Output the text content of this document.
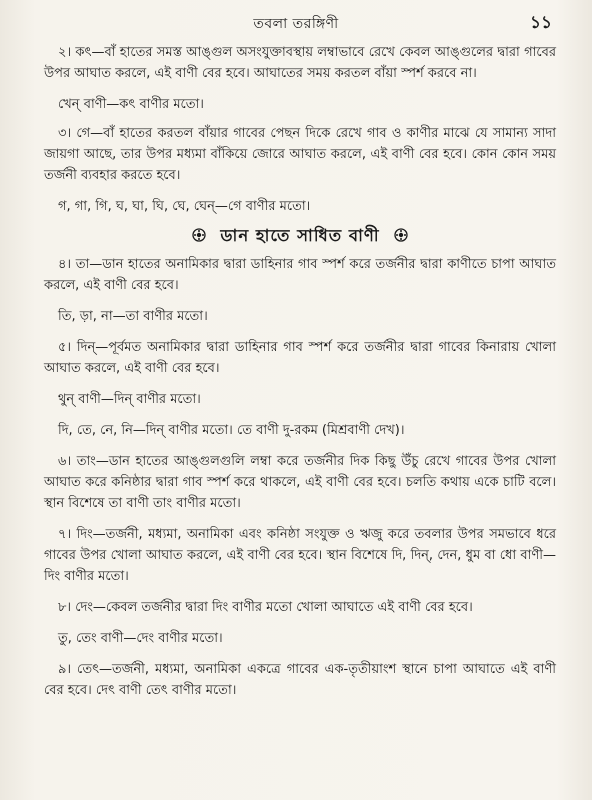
তবলা তরঙ্গিণী	১১

২। কৎ—বাঁ হাতের সমস্ত আঙ্গুল অসংযুক্তাবস্থায় লম্বাভাবে রেখে কেবল আঙ্গুলের দ্বারা গাবের উপর আঘাত করলে, এই বাণী বের হবে। আঘাতের সময় করতল বাঁয়া স্পর্শ করবে না।

খেন্ বাণী—কৎ বাণীর মতো।

৩। গে—বাঁ হাতের করতল বাঁয়ার গাবের পেছন দিকে রেখে গাব ও কাণীর মাঝে যে সামান্য সাদা জায়গা আছে, তার উপর মধ্যমা বাঁকিয়ে জোরে আঘাত করলে, এই বাণী বের হবে। কোন কোন সময় তর্জনী ব্যবহার করতে হবে।

গ, গা, গি, ঘ, ঘা, ঘি, ঘে, ঘেন্—গে বাণীর মতো।

ডান হাতে সাধিত বাণী

৪। তা—ডান হাতের অনামিকার দ্বারা ডাহিনার গাব স্পর্শ করে তর্জনীর দ্বারা কাণীতে চাপা আঘাত করলে, এই বাণী বের হবে।

তি, ড়া, না—তা বাণীর মতো।

৫। দিন্—পূর্বমত অনামিকার দ্বারা ডাহিনার গাব স্পর্শ করে তর্জনীর দ্বারা গাবের কিনারায় খোলা আঘাত করলে, এই বাণী বের হবে।

থুন্ বাণী—দিন্ বাণীর মতো।

দি, তে, নে, নি—দিন্ বাণীর মতো। তে বাণী দু-রকম (মিশ্রবাণী দেখ)।

৬। তাং—ডান হাতের আঙ্গুলগুলি লম্বা করে তর্জনীর দিক কিছু উঁচু রেখে গাবের উপর খোলা আঘাত করে কনিষ্ঠার দ্বারা গাব স্পর্শ করে থাকলে, এই বাণী বের হবে। চলতি কথায় একে চাটি বলে। স্থান বিশেষে তা বাণী তাং বাণীর মতো।

৭। দিং—তর্জনী, মধ্যমা, অনামিকা এবং কনিষ্ঠা সংযুক্ত ও ঋজু করে তবলার উপর সমভাবে ধরে গাবের উপর খোলা আঘাত করলে, এই বাণী বের হবে। স্থান বিশেষে দি, দিন্, দেন, ধুম বা ধো বাণী—দিং বাণীর মতো।

৮। দেং—কেবল তর্জনীর দ্বারা দিং বাণীর মতো খোলা আঘাতে এই বাণী বের হবে।

তু, তেং বাণী—দেং বাণীর মতো।

৯। তেৎ—তর্জনী, মধ্যমা, অনামিকা একত্রে গাবের এক-তৃতীয়াংশ স্থানে চাপা আঘাতে এই বাণী বের হবে। দেৎ বাণী তেৎ বাণীর মতো।
